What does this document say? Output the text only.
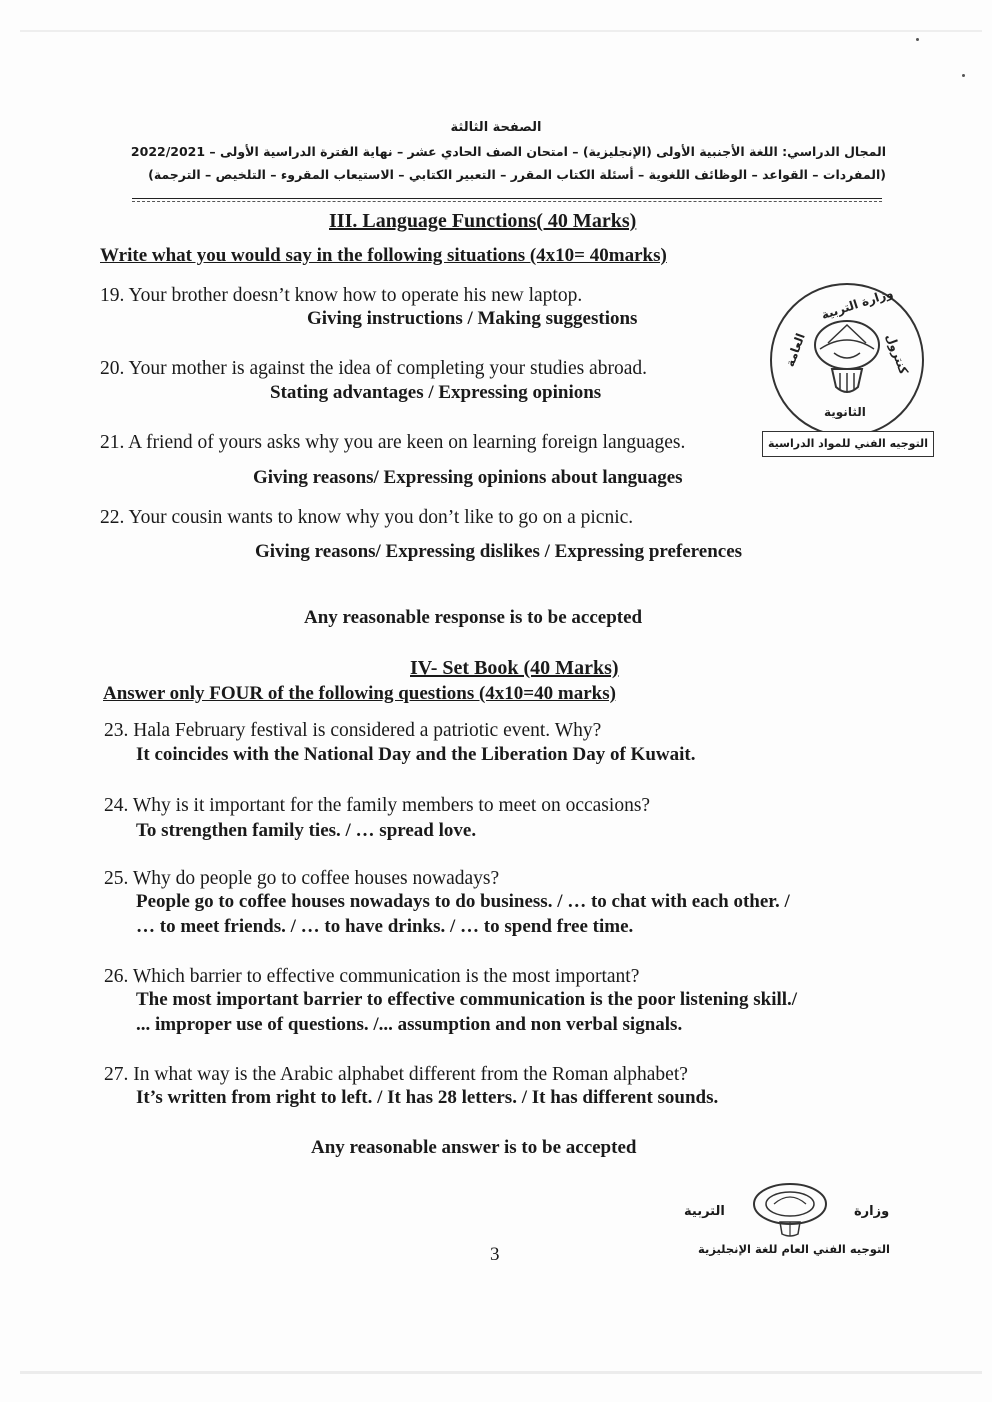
الصفحة الثالثة
المجال الدراسي: اللغة الأجنبية الأولى (الإنجليزية) – امتحان الصف الحادي عشر – نهاية الفترة الدراسية الأولى – 2022/2021
(المفردات – القواعد – الوظائف اللغوية – أسئلة الكتاب المقرر – التعبير الكتابي – الاستيعاب المقروء – التلخيص – الترجمة)
III. Language Functions( 40 Marks)
Write what you would say in the following situations (4x10= 40marks)
19. Your brother doesn’t know how to operate his new laptop.
Giving instructions / Making suggestions
20. Your mother is against the idea of completing your studies abroad.
Stating advantages / Expressing opinions
21. A friend of yours asks why you are keen on learning foreign languages.
Giving reasons/ Expressing opinions about languages
22. Your cousin wants to know why you don’t like to go on a picnic.
Giving reasons/ Expressing dislikes / Expressing preferences
Any reasonable response is to be accepted
IV- Set Book (40 Marks)
Answer only FOUR of the following questions (4x10=40 marks)
23. Hala February festival is considered a patriotic event. Why?
It coincides with the National Day and the Liberation Day of Kuwait.
24. Why is it important for the family members to meet on occasions?
To strengthen family ties. / … spread love.
25. Why do people go to coffee houses nowadays?
People go to coffee houses nowadays to do business. / … to chat with each other. /
… to meet friends. / … to have drinks. / … to spend free time.
26. Which barrier to effective communication is the most important?
The most important barrier to effective communication is the poor listening skill./
... improper use of questions. /... assumption and non verbal signals.
27. In what way is the Arabic alphabet different from the Roman alphabet?
It’s written from right to left. / It has 28 letters. / It has different sounds.
Any reasonable answer is to be accepted
وزارة التربية
العامة	كنترول
الثانوية
التوجيه الفني للمواد الدراسية
التربية	وزارة
التوجيه الفني العام للغة الإنجليزية
3
